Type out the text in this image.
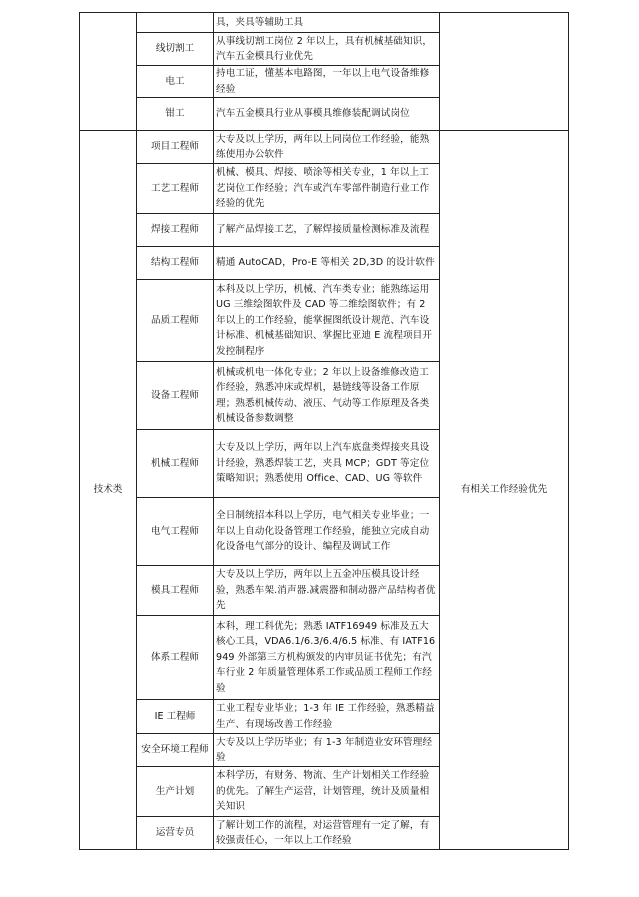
		具，夹具等辅助工具	
	线切割工	从事线切割工岗位 2 年以上，具有机械基础知识，汽车五金模具行业优先	
	电工	持电工证，懂基本电路图，一年以上电气设备维修经验	
	钳工	汽车五金模具行业从事模具维修装配调试岗位	
技术类	项目工程师	大专及以上学历，两年以上同岗位工作经验，能熟练使用办公软件	有相关工作经验优先
	工艺工程师	机械、模具、焊接、喷涂等相关专业，1 年以上工艺岗位工作经验；汽车或汽车零部件制造行业工作经验的优先	
	焊接工程师	了解产品焊接工艺，了解焊接质量检测标准及流程	
	结构工程师	精通 AutoCAD，Pro-E 等相关 2D,3D 的设计软件	
	品质工程师	本科及以上学历，机械、汽车类专业；能熟练运用 UG 三维绘图软件及 CAD 等二维绘图软件；有 2 年以上的工作经验，能掌握图纸设计规范、汽车设计标准、机械基础知识、掌握比亚迪 E 流程项目开发控制程序	
	设备工程师	机械或机电一体化专业；2 年以上设备维修改造工作经验，熟悉冲床或焊机，悬链线等设备工作原理；熟悉机械传动、液压、气动等工作原理及各类机械设备参数调整	
	机械工程师	大专及以上学历，两年以上汽车底盘类焊接夹具设计经验，熟悉焊装工艺，夹具 MCP；GDT 等定位策略知识；熟悉使用 Office、CAD、UG 等软件	
	电气工程师	全日制统招本科以上学历，电气相关专业毕业；一年以上自动化设备管理工作经验，能独立完成自动化设备电气部分的设计、编程及调试工作	
	模具工程师	大专及以上学历，两年以上五金冲压模具设计经验，熟悉车架.消声器.减震器和制动器产品结构者优先	
	体系工程师	本科，理工科优先；熟悉 IATF16949 标准及五大核心工具，VDA6.1/6.3/6.4/6.5 标准、有 IATF16949 外部第三方机构颁发的内审员证书优先；有汽车行业 2 年质量管理体系工作或品质工程师工作经验	
	IE 工程师	工业工程专业毕业；1-3 年 IE 工作经验，熟悉精益生产、有现场改善工作经验	
	安全环境工程师	大专及以上学历毕业；有 1-3 年制造业安环管理经验	
	生产计划	本科学历，有财务、物流、生产计划相关工作经验的优先。了解生产运营，计划管理，统计及质量相关知识	
	运营专员	了解计划工作的流程，对运营管理有一定了解，有较强责任心，一年以上工作经验	
